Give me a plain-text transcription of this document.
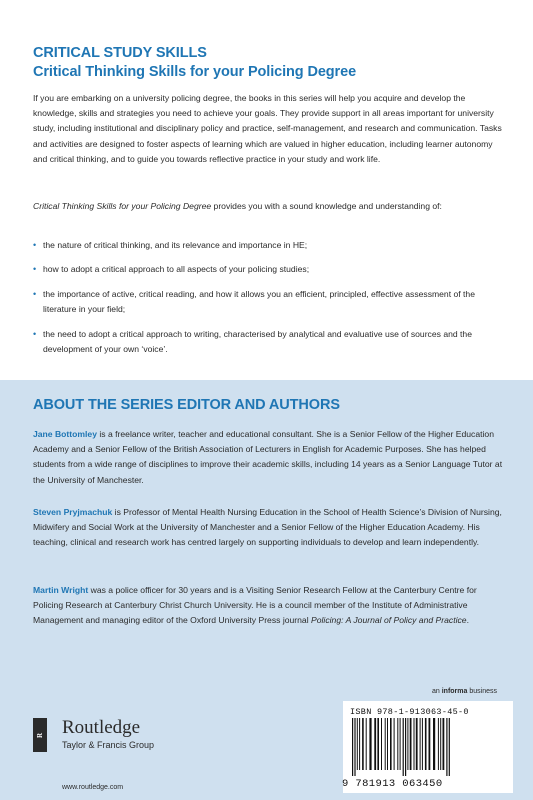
CRITICAL STUDY SKILLS
Critical Thinking Skills for your Policing Degree

If you are embarking on a university policing degree, the books in this series will help you acquire and develop the knowledge, skills and strategies you need to achieve your goals. They provide support in all areas important for university study, including institutional and disciplinary policy and practice, self-management, and research and communication. Tasks and activities are designed to foster aspects of learning which are valued in higher education, including learner autonomy and critical thinking, and to guide you towards reflective practice in your study and work life.

Critical Thinking Skills for your Policing Degree provides you with a sound knowledge and understanding of:

• the nature of critical thinking, and its relevance and importance in HE;
• how to adopt a critical approach to all aspects of your policing studies;
• the importance of active, critical reading, and how it allows you an efficient, principled, effective assessment of the literature in your field;
• the need to adopt a critical approach to writing, characterised by analytical and evaluative use of sources and the development of your own ‘voice’.
ABOUT THE SERIES EDITOR AND AUTHORS

Jane Bottomley is a freelance writer, teacher and educational consultant. She is a Senior Fellow of the Higher Education Academy and a Senior Fellow of the British Association of Lecturers in English for Academic Purposes. She has helped students from a wide range of disciplines to improve their academic skills, including 14 years as a Senior Language Tutor at the University of Manchester.

Steven Pryjmachuk is Professor of Mental Health Nursing Education in the School of Health Science’s Division of Nursing, Midwifery and Social Work at the University of Manchester and a Senior Fellow of the Higher Education Academy. His teaching, clinical and research work has centred largely on supporting individuals to develop and learn independently.

Martin Wright was a police officer for 30 years and is a Visiting Senior Research Fellow at the Canterbury Centre for Policing Research at Canterbury Christ Church University. He is a council member of the Institute of Administrative Management and managing editor of the Oxford University Press journal Policing: A Journal of Policy and Practice.

R Routledge

Taylor & Francis Group

www.routledge.com

an informa business

ISBN 978-1-913063-45-0

9 781913 063450
